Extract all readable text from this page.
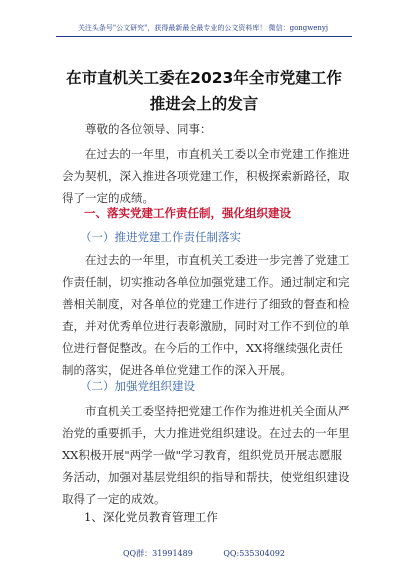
关注头条号"公文研究"，获得最新最全最专业的公文资料库！ 微信：gongwenyj
在市直机关工委在2023年全市党建工作
推进会上的发言

尊敬的各位领导、同事：

在过去的一年里，市直机关工委以全市党建工作推进会为契机，深入推进各项党建工作，积极探索新路径，取得了一定的成绩。

一、落实党建工作责任制，强化组织建设
（一）推进党建工作责任制落实

在过去的一年里，市直机关工委进一步完善了党建工作责任制，切实推动各单位加强党建工作。通过制定和完善相关制度，对各单位的党建工作进行了细致的督查和检查，并对优秀单位进行表彰激励，同时对工作不到位的单位进行督促整改。在今后的工作中，XX将继续强化责任制的落实，促进各单位党建工作的深入开展。

（二）加强党组织建设

市直机关工委坚持把党建工作作为推进机关全面从严治党的重要抓手，大力推进党组织建设。在过去的一年里XX积极开展"两学一做"学习教育，组织党员开展志愿服务活动，加强对基层党组织的指导和帮扶，使党组织建设取得了一定的成效。

1、深化党员教育管理工作
QQ群：31991489	QQ:535304092
